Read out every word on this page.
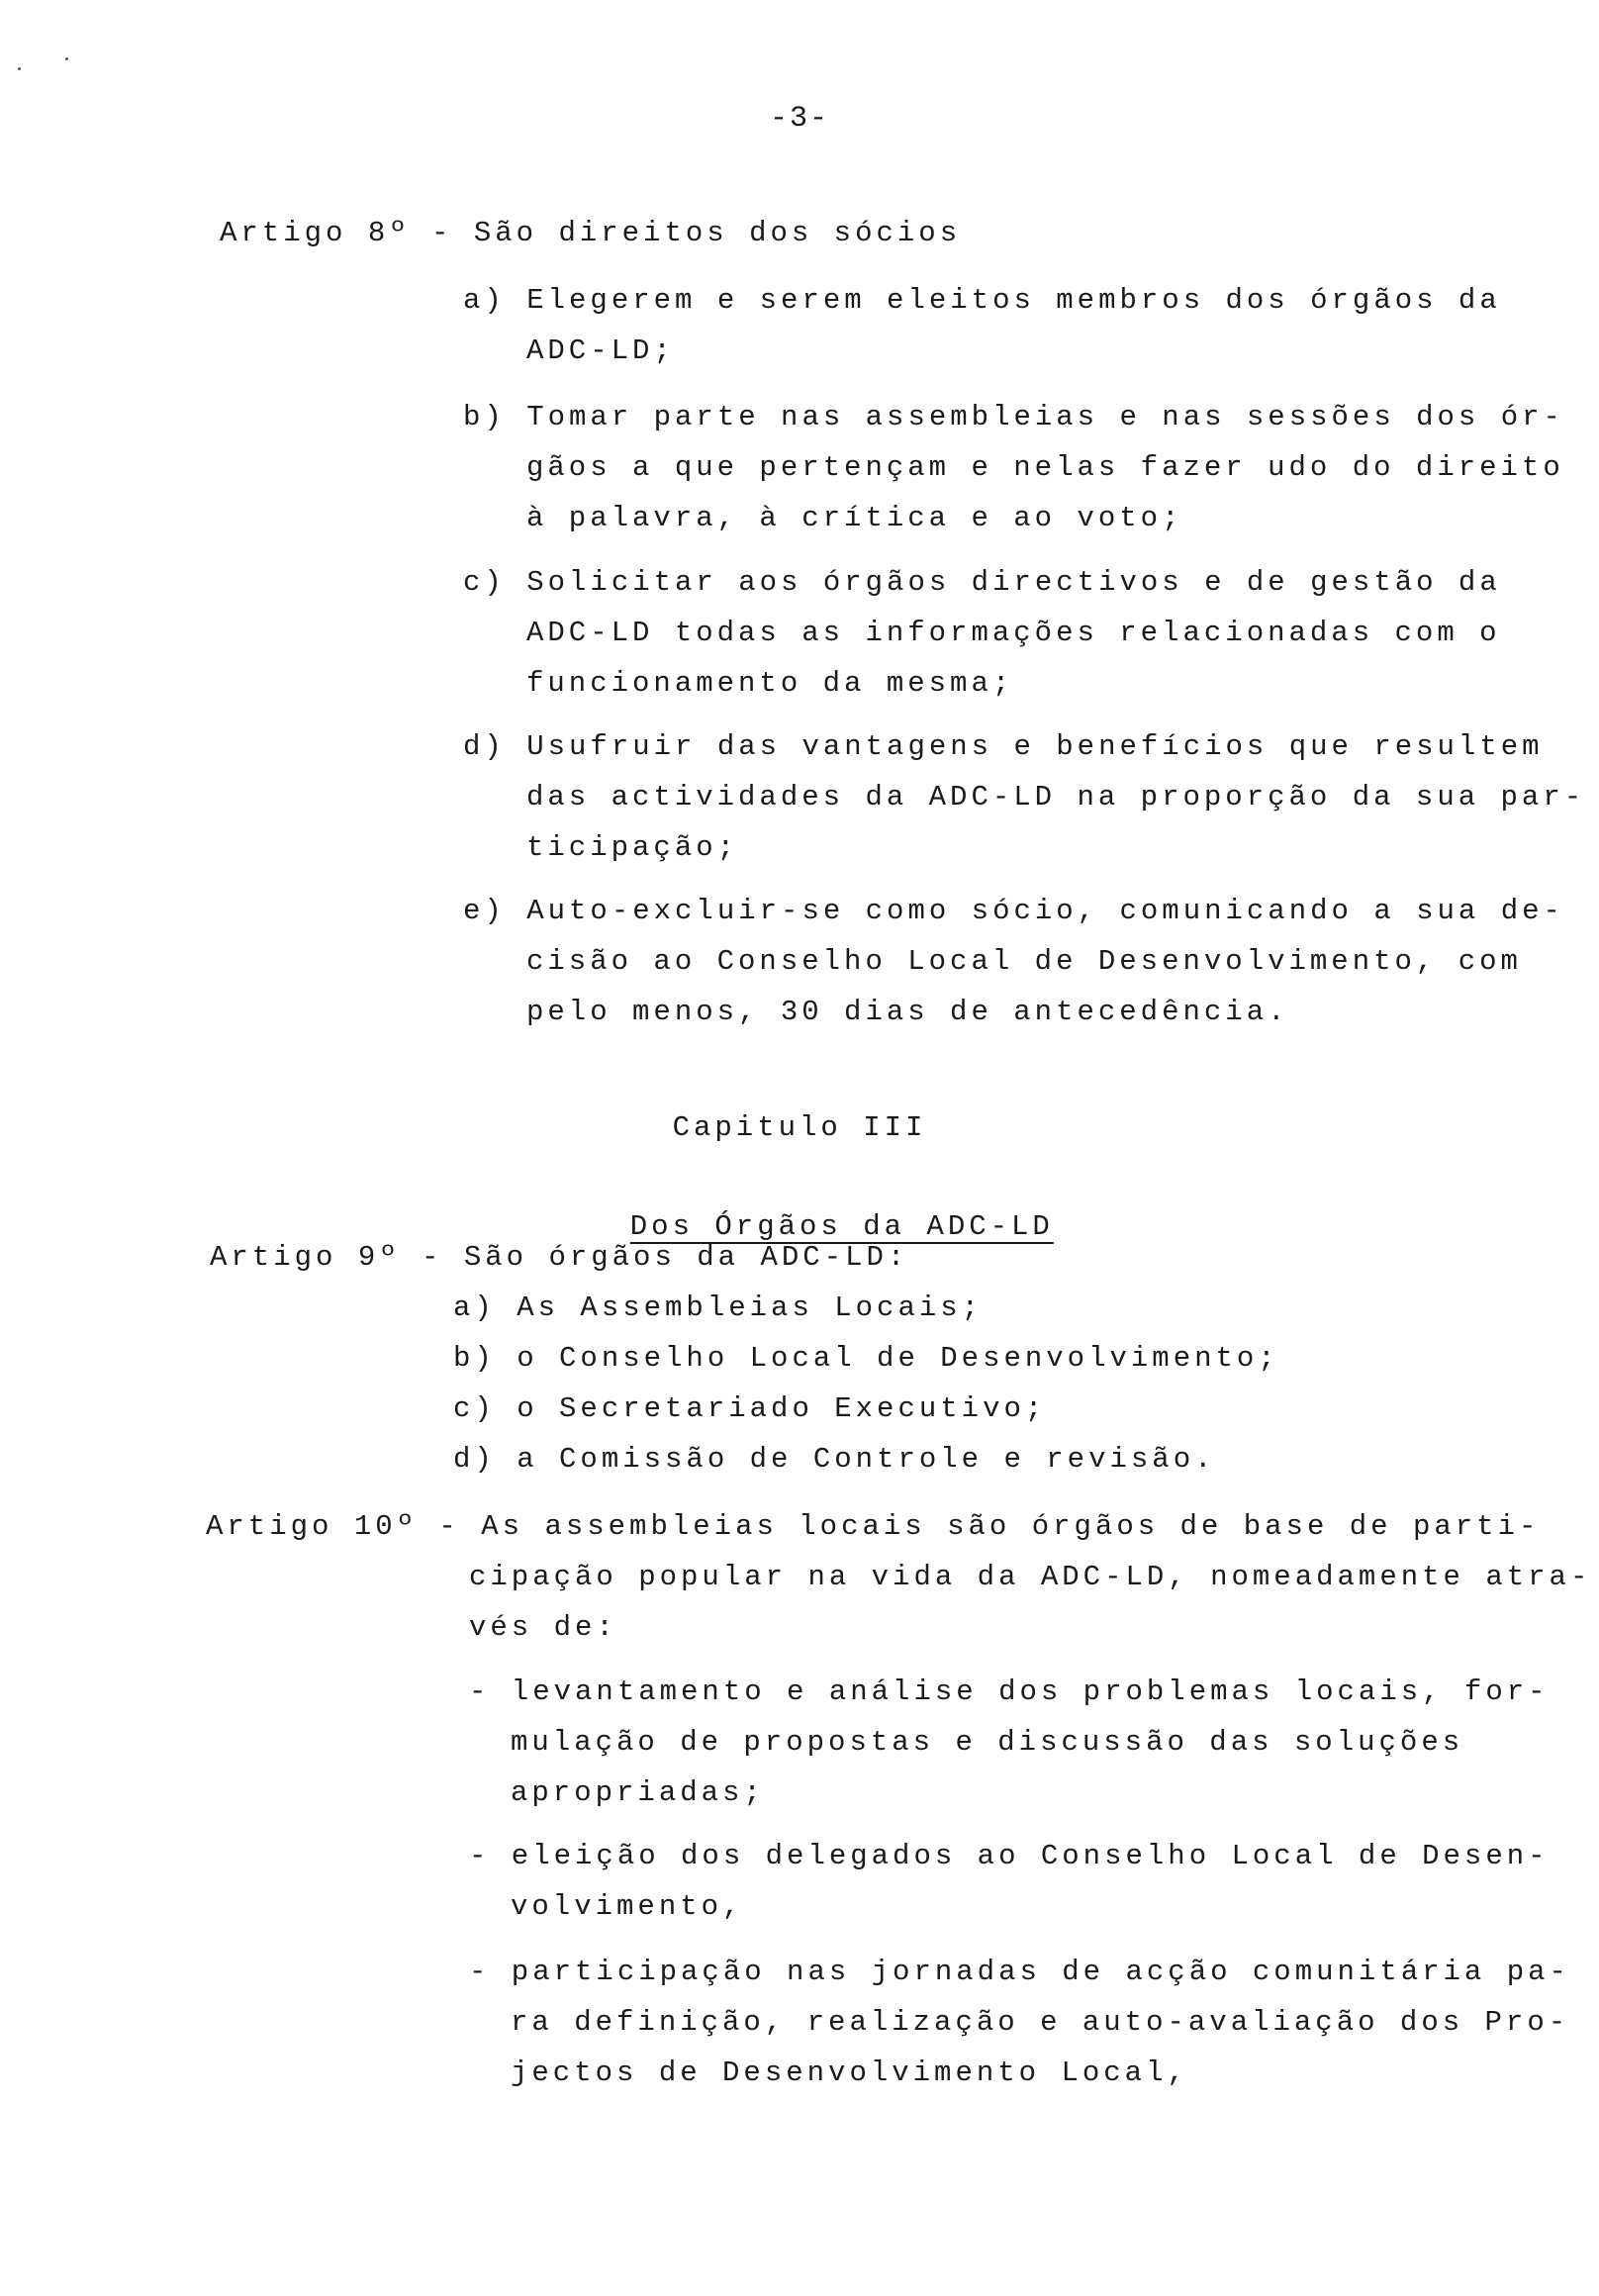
-3-
Artigo 8º - São direitos dos sócios
a) Elegerem e serem eleitos membros dos órgãos da
ADC-LD;
b) Tomar parte nas assembleias e nas sessões dos ór-
gãos a que pertençam e nelas fazer udo do direito
à palavra, à crítica e ao voto;
c) Solicitar aos órgãos directivos e de gestão da
ADC-LD todas as informações relacionadas com o
funcionamento da mesma;
d) Usufruir das vantagens e benefícios que resultem
das actividades da ADC-LD na proporção da sua par-
ticipação;
e) Auto-excluir-se como sócio, comunicando a sua de-
cisão ao Conselho Local de Desenvolvimento, com
pelo menos, 30 dias de antecedência.
Capitulo III

Dos Órgãos da ADC-LD

Artigo 9º - São órgãos da ADC-LD:
a) As Assembleias Locais;
b) o Conselho Local de Desenvolvimento;
c) o Secretariado Executivo;
d) a Comissão de Controle e revisão.
Artigo 10º - As assembleias locais são órgãos de base de parti-
cipação popular na vida da ADC-LD, nomeadamente atra-
vés de:
- levantamento e análise dos problemas locais, for-
mulação de propostas e discussão das soluções
apropriadas;
- eleição dos delegados ao Conselho Local de Desen-
volvimento,
- participação nas jornadas de acção comunitária pa-
ra definição, realização e auto-avaliação dos Pro-
jectos de Desenvolvimento Local,
